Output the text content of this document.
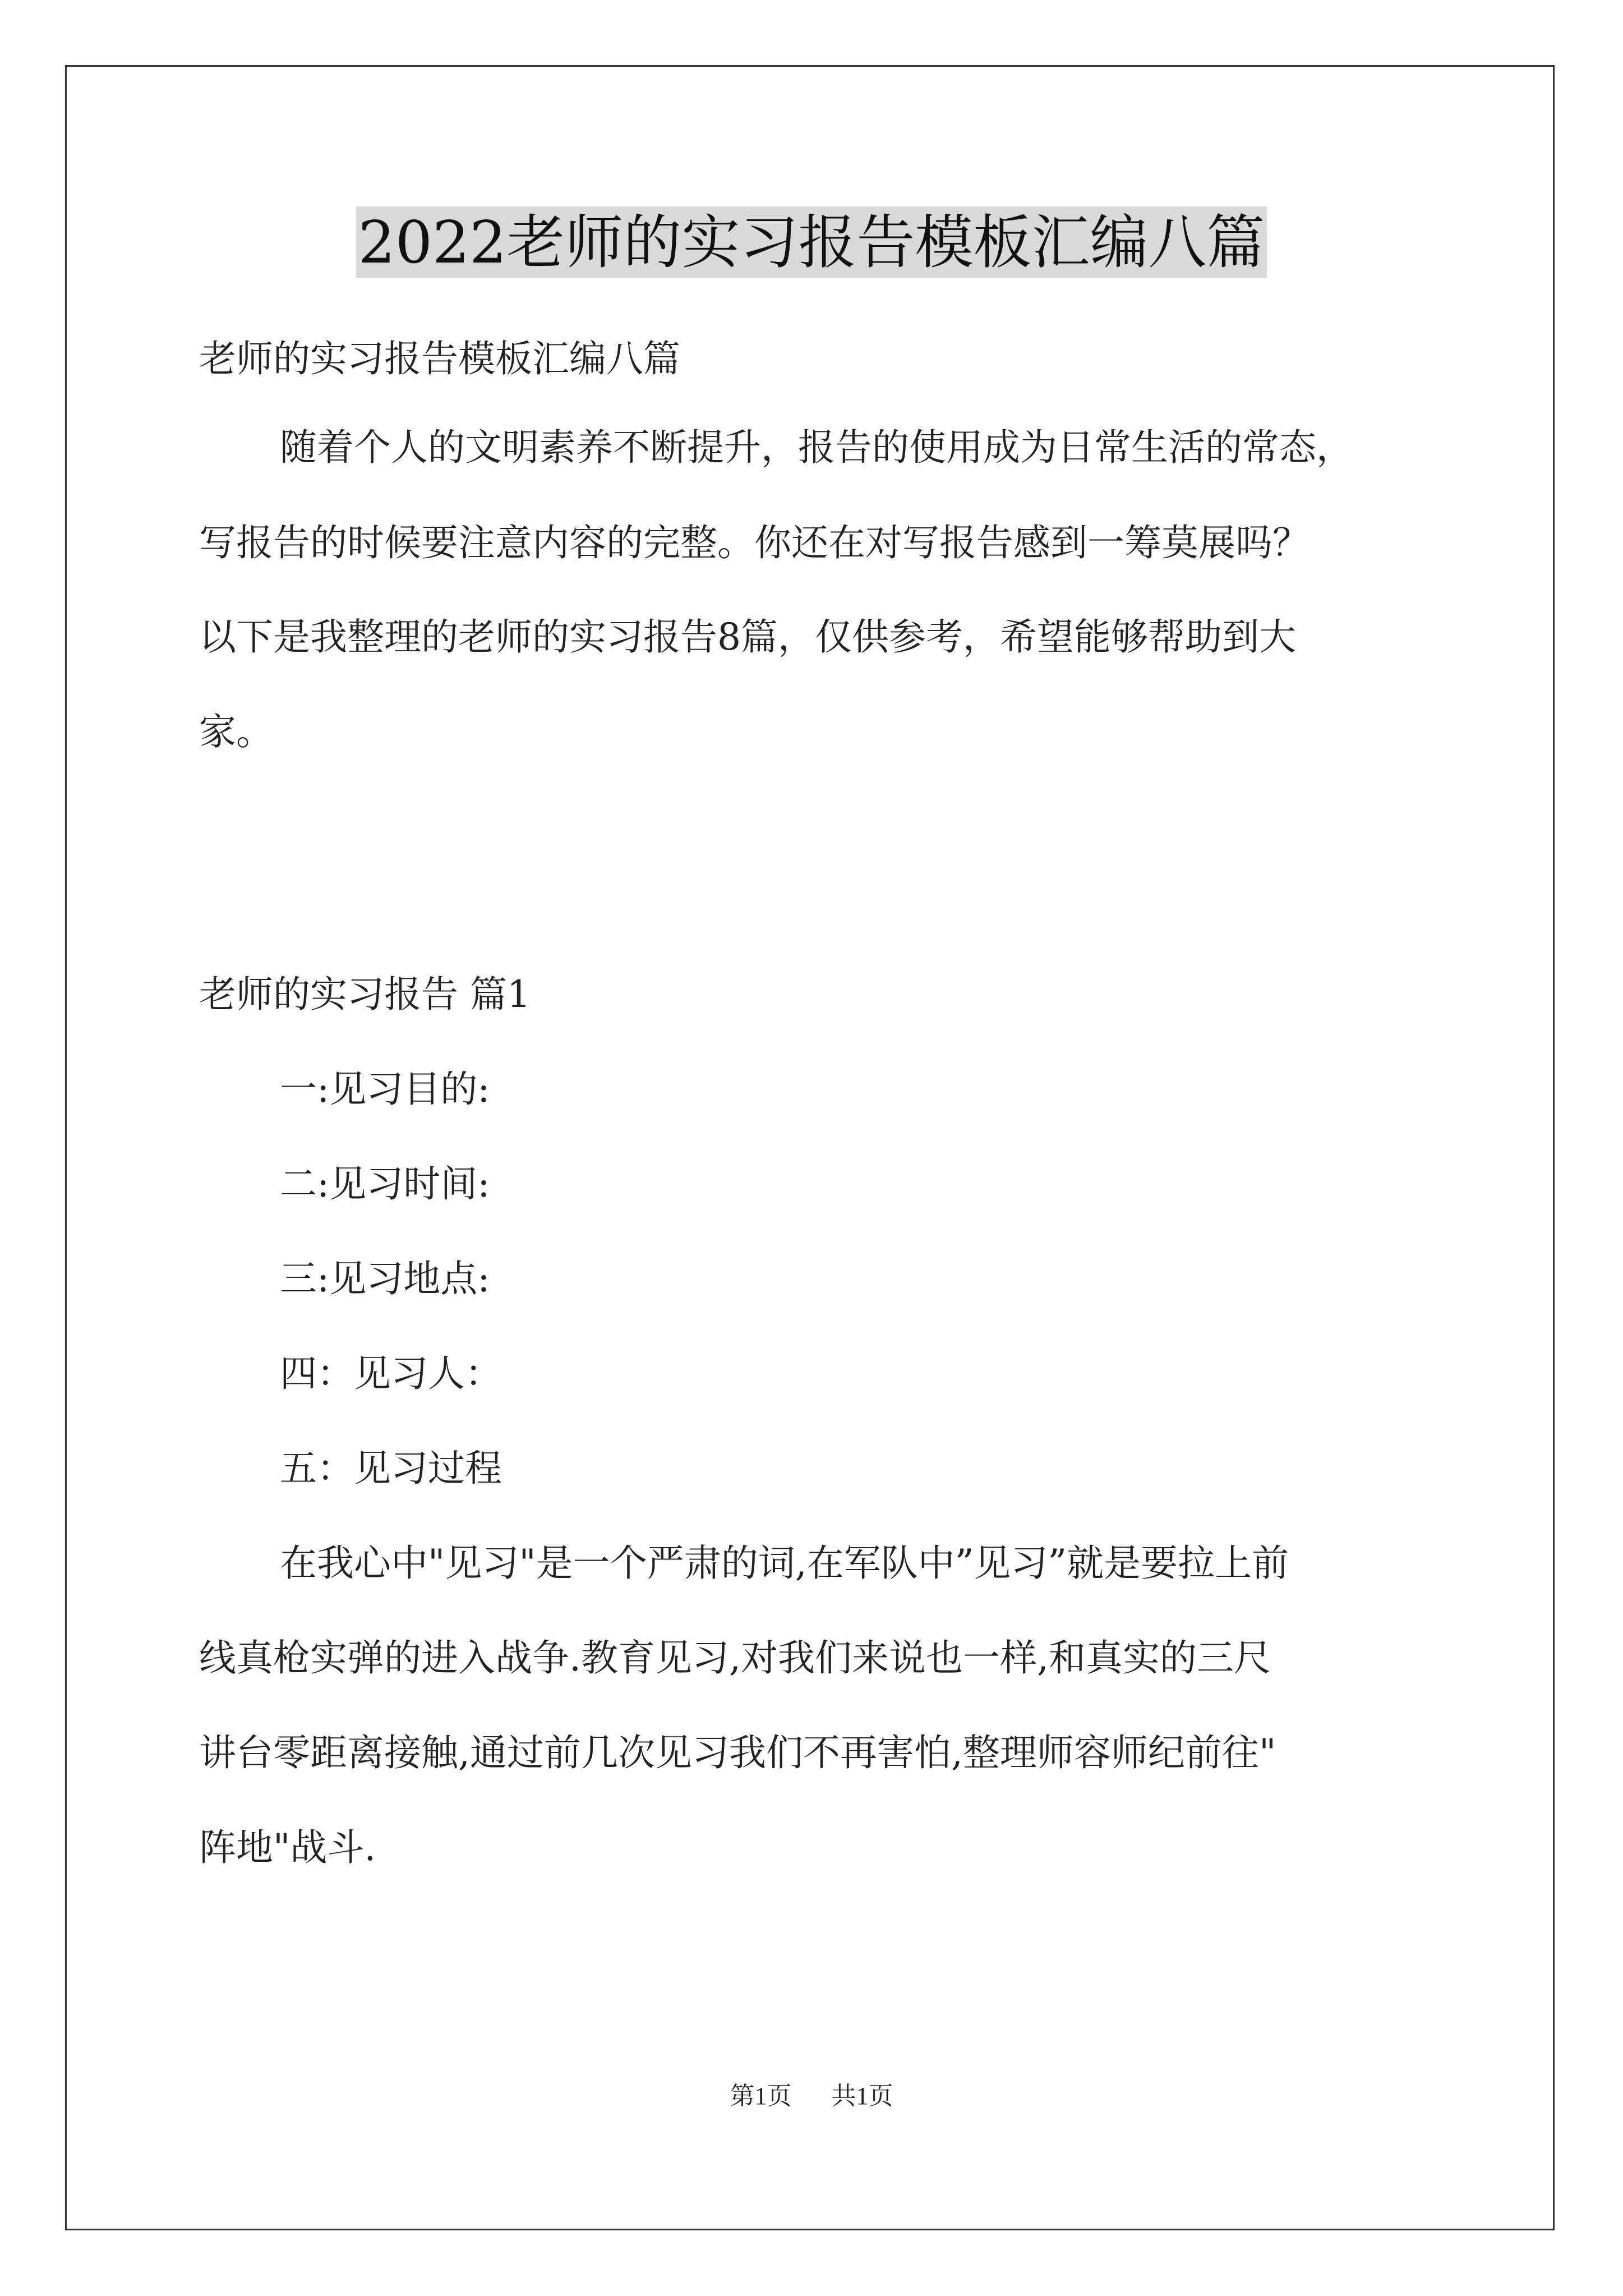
2022老师的实习报告模板汇编八篇
老师的实习报告模板汇编八篇
随着个人的文明素养不断提升，报告的使用成为日常生活的常态，
写报告的时候要注意内容的完整。你还在对写报告感到一筹莫展吗？
以下是我整理的老师的实习报告8篇，仅供参考，希望能够帮助到大
家。
老师的实习报告 篇1
一:见习目的:
二:见习时间:
三:见习地点:
四：见习人：
五：见习过程
在我心中"见习"是一个严肃的词,在军队中”见习”就是要拉上前
线真枪实弹的进入战争.教育见习,对我们来说也一样,和真实的三尺
讲台零距离接触,通过前几次见习我们不再害怕,整理师容师纪前往"
阵地"战斗.
第1页 共1页
